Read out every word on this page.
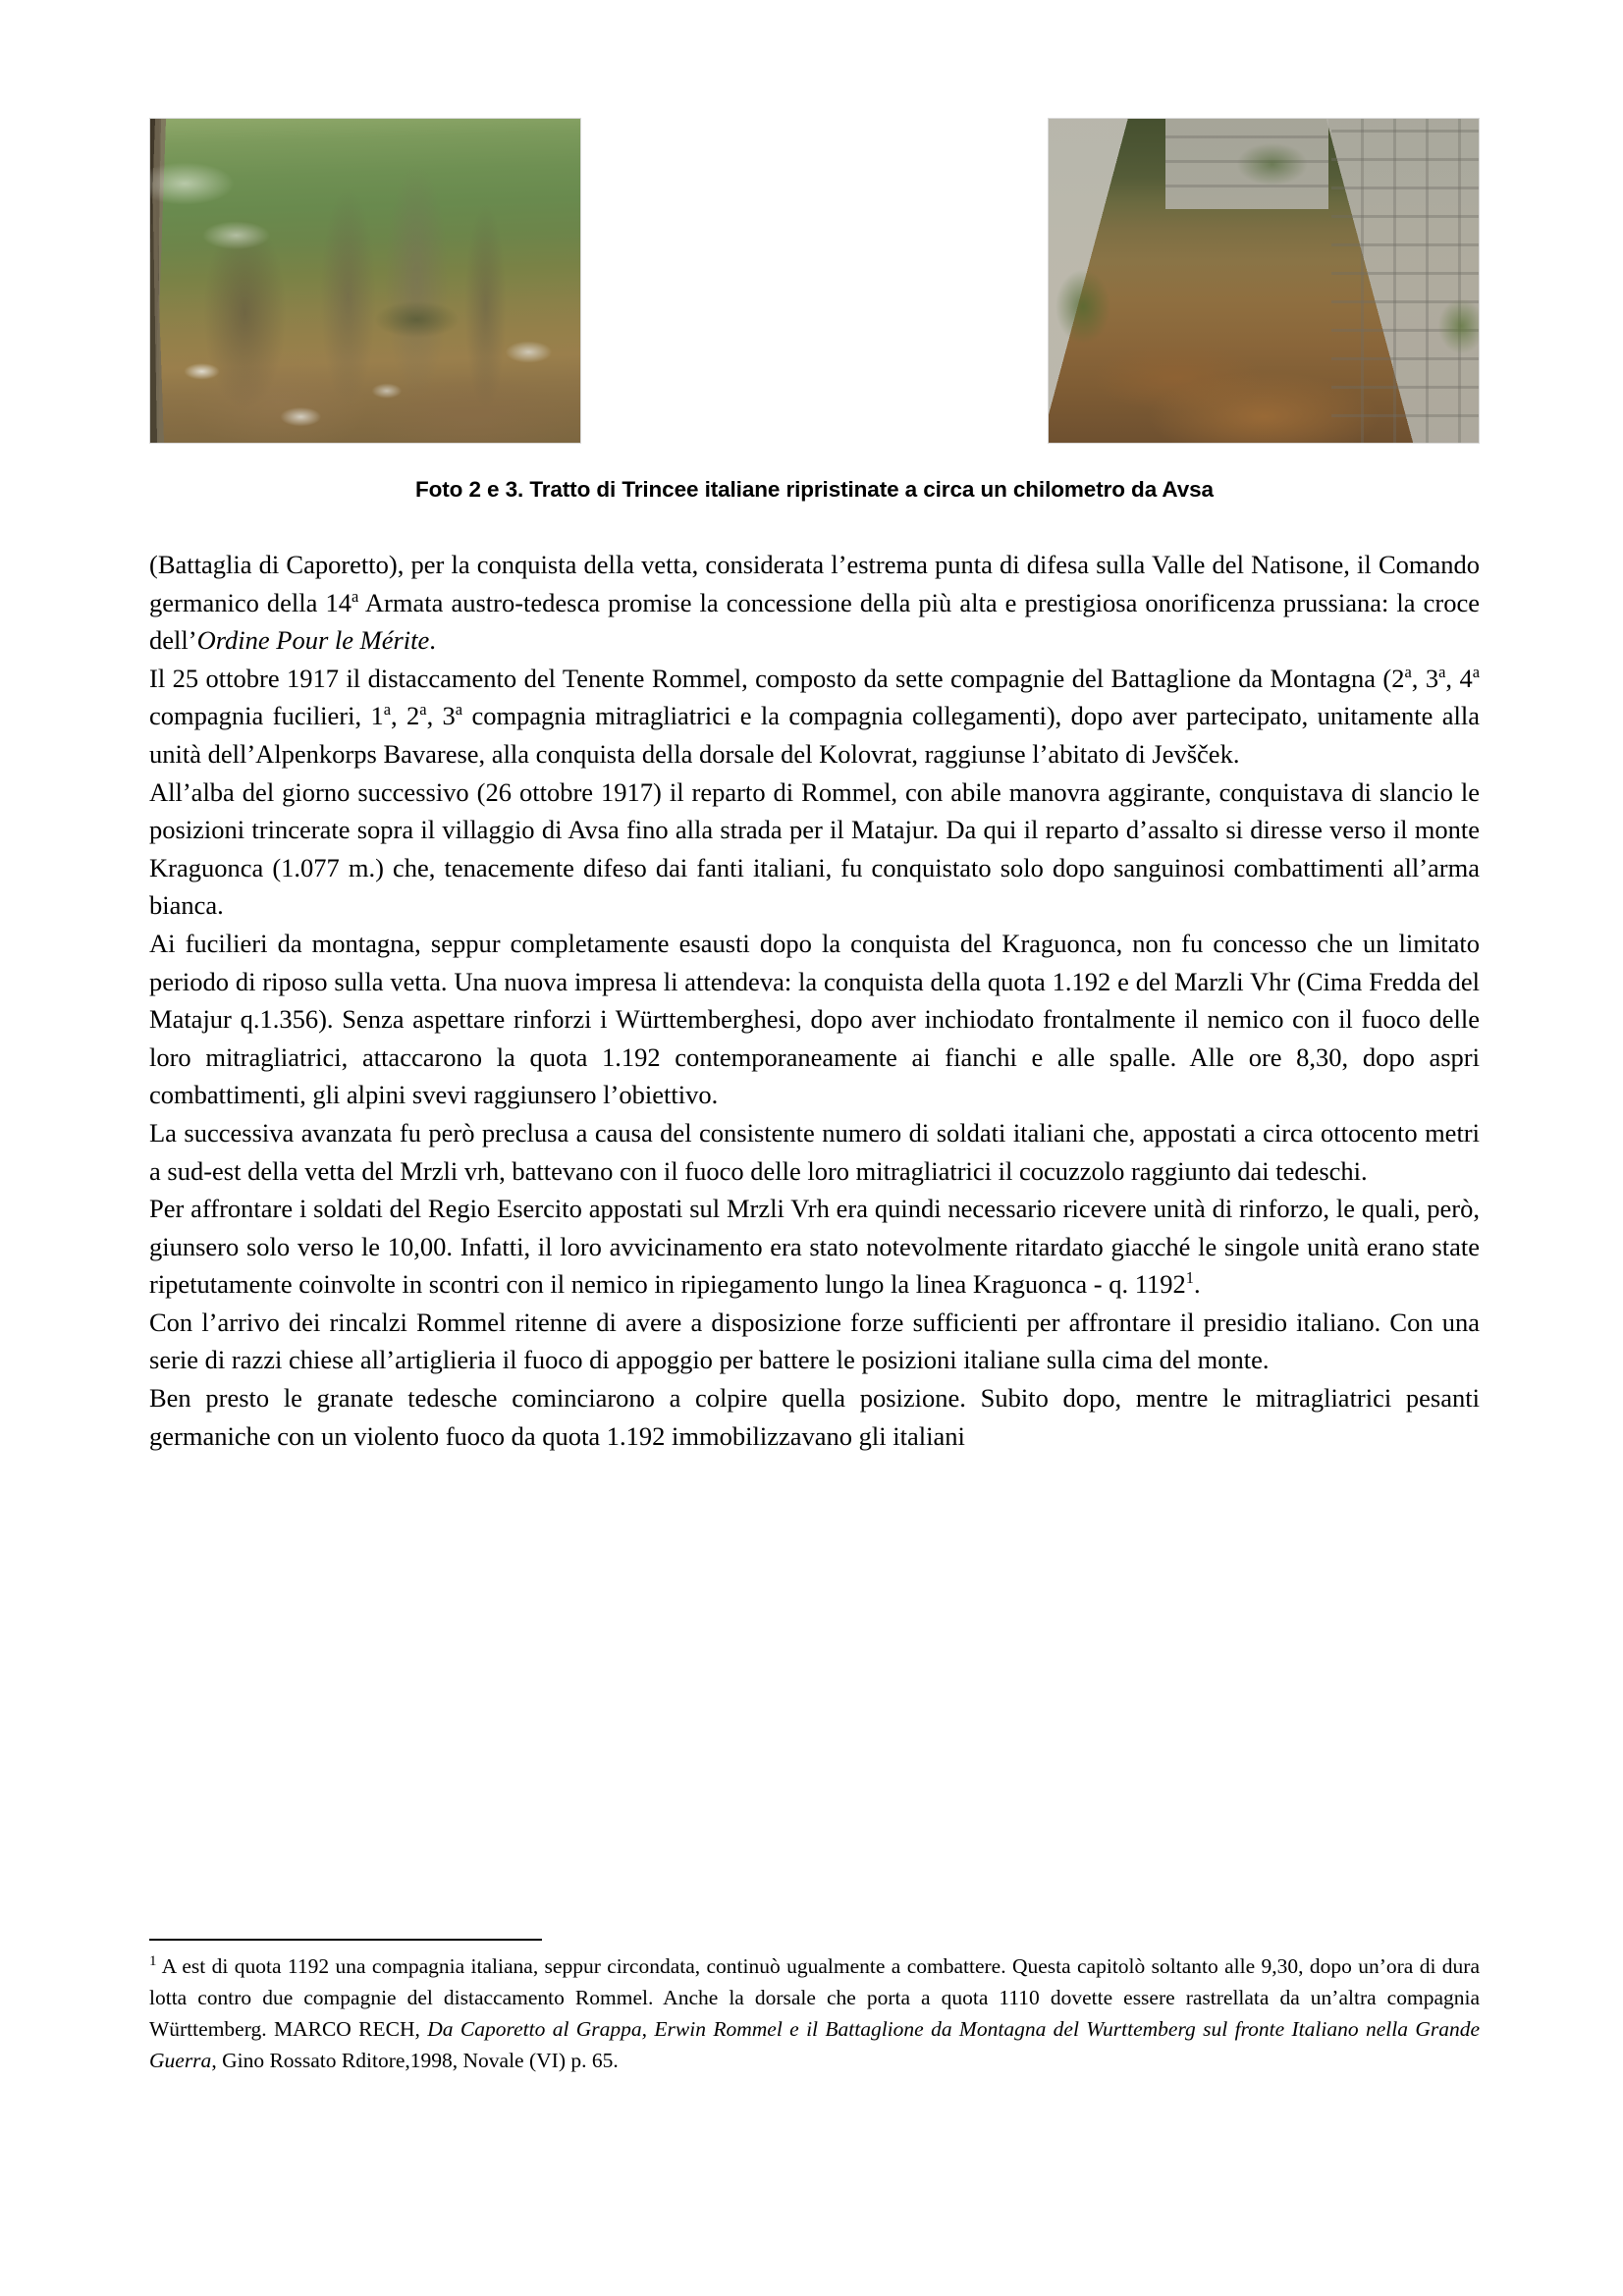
Foto 2 e 3. Tratto di Trincee italiane ripristinate a circa un chilometro da Avsa

(Battaglia di Caporetto), per la conquista della vetta, considerata l’estrema punta di difesa sulla Valle del Natisone, il Comando germanico della 14$^a$ Armata austro-tedesca promise la concessione della più alta e prestigiosa onorificenza prussiana: la croce dell’Ordine Pour le Mérite.

Il 25 ottobre 1917 il distaccamento del Tenente Rommel, composto da sette compagnie del Battaglione da Montagna (2$^a$, 3$^a$, 4$^a$ compagnia fucilieri, 1$^a$, 2$^a$, 3$^a$ compagnia mitragliatrici e la compagnia collegamenti), dopo aver partecipato, unitamente alla unità dell’Alpenkorps Bavarese, alla conquista della dorsale del Kolovrat, raggiunse l’abitato di Jevšček.

All’alba del giorno successivo (26 ottobre 1917) il reparto di Rommel, con abile manovra aggirante, conquistava di slancio le posizioni trincerate sopra il villaggio di Avsa fino alla strada per il Matajur. Da qui il reparto d’assalto si diresse verso il monte Kraguonca (1.077 m.) che, tenacemente difeso dai fanti italiani, fu conquistato solo dopo sanguinosi combattimenti all’arma bianca.

Ai fucilieri da montagna, seppur completamente esausti dopo la conquista del Kraguonca, non fu concesso che un limitato periodo di riposo sulla vetta. Una nuova impresa li attendeva: la conquista della quota 1.192 e del Marzli Vhr (Cima Fredda del Matajur q.1.356). Senza aspettare rinforzi i Württemberghesi, dopo aver inchiodato frontalmente il nemico con il fuoco delle loro mitragliatrici, attaccarono la quota 1.192 contemporaneamente ai fianchi e alle spalle. Alle ore 8,30, dopo aspri combattimenti, gli alpini svevi raggiunsero l’obiettivo.

La successiva avanzata fu però preclusa a causa del consistente numero di soldati italiani che, appostati a circa ottocento metri a sud-est della vetta del Mrzli vrh, battevano con il fuoco delle loro mitragliatrici il cocuzzolo raggiunto dai tedeschi.

Per affrontare i soldati del Regio Esercito appostati sul Mrzli Vrh era quindi necessario ricevere unità di rinforzo, le quali, però, giunsero solo verso le 10,00. Infatti, il loro avvicinamento era stato notevolmente ritardato giacché le singole unità erano state ripetutamente coinvolte in scontri con il nemico in ripiegamento lungo la linea Kraguonca - q. 1192$^1$.

Con l’arrivo dei rincalzi Rommel ritenne di avere a disposizione forze sufficienti per affrontare il presidio italiano. Con una serie di razzi chiese all’artiglieria il fuoco di appoggio per battere le posizioni italiane sulla cima del monte.

Ben presto le granate tedesche cominciarono a colpire quella posizione. Subito dopo, mentre le mitragliatrici pesanti germaniche con un violento fuoco da quota 1.192 immobilizzavano gli italiani

$^1$ A est di quota 1192 una compagnia italiana, seppur circondata, continuò ugualmente a combattere. Questa capitolò soltanto alle 9,30, dopo un’ora di dura lotta contro due compagnie del distaccamento Rommel. Anche la dorsale che porta a quota 1110 dovette essere rastrellata da un’altra compagnia Württemberg. MARCO RECH, Da Caporetto al Grappa, Erwin Rommel e il Battaglione da Montagna del Wurttemberg sul fronte Italiano nella Grande Guerra, Gino Rossato Rditore,1998, Novale (VI) p. 65.
